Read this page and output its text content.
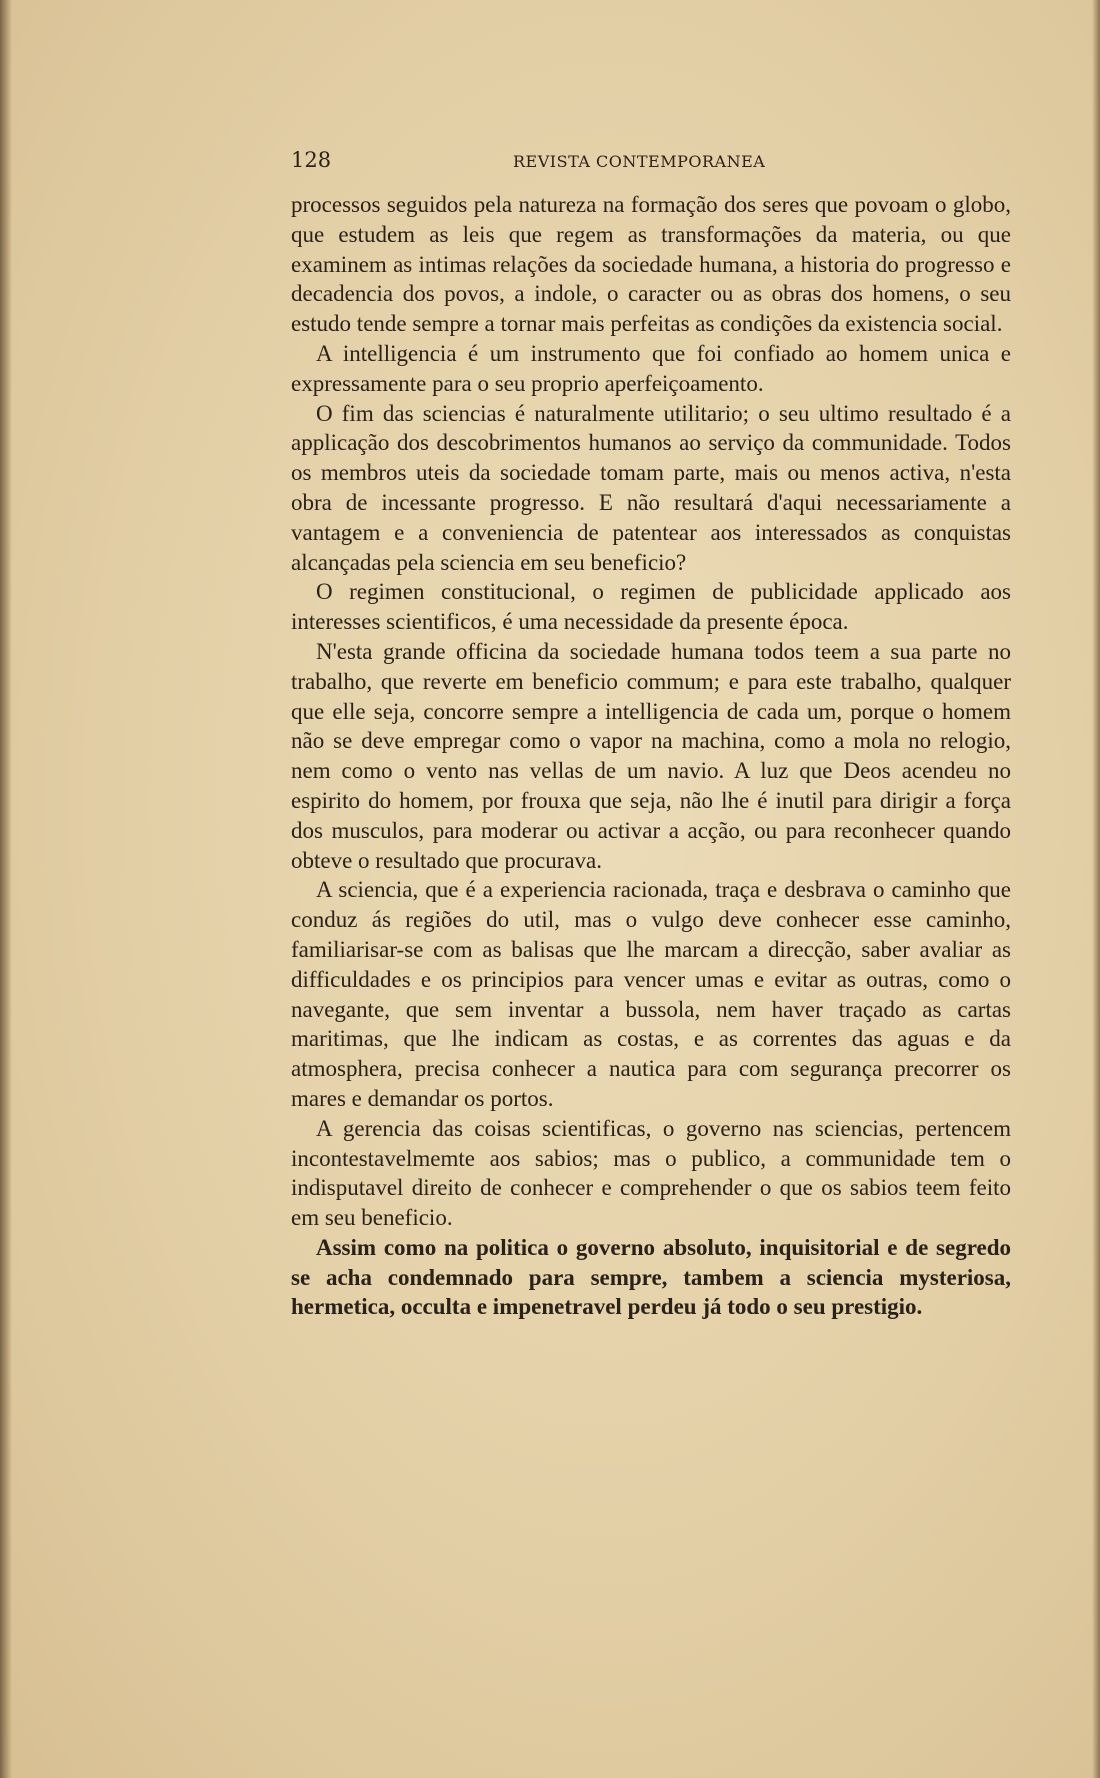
128	REVISTA CONTEMPORANEA

processos seguidos pela natureza na formação dos seres que povoam o globo, que estudem as leis que regem as transformações da materia, ou que examinem as intimas relações da sociedade humana, a historia do progresso e decadencia dos povos, a indole, o caracter ou as obras dos homens, o seu estudo tende sempre a tornar mais perfeitas as condições da existencia social.

A intelligencia é um instrumento que foi confiado ao homem unica e expressamente para o seu proprio aperfeiçoamento.

O fim das sciencias é naturalmente utilitario; o seu ultimo resultado é a applicação dos descobrimentos humanos ao serviço da communidade. Todos os membros uteis da sociedade tomam parte, mais ou menos activa, n'esta obra de incessante progresso. E não resultará d'aqui necessariamente a vantagem e a conveniencia de patentear aos interessados as conquistas alcançadas pela sciencia em seu beneficio?

O regimen constitucional, o regimen de publicidade applicado aos interesses scientificos, é uma necessidade da presente época.

N'esta grande officina da sociedade humana todos teem a sua parte no trabalho, que reverte em beneficio commum; e para este trabalho, qualquer que elle seja, concorre sempre a intelligencia de cada um, porque o homem não se deve empregar como o vapor na machina, como a mola no relogio, nem como o vento nas vellas de um navio. A luz que Deos acendeu no espirito do homem, por frouxa que seja, não lhe é inutil para dirigir a força dos musculos, para moderar ou activar a acção, ou para reconhecer quando obteve o resultado que procurava.

A sciencia, que é a experiencia racionada, traça e desbrava o caminho que conduz ás regiões do util, mas o vulgo deve conhecer esse caminho, familiarisar-se com as balisas que lhe marcam a direcção, saber avaliar as difficuldades e os principios para vencer umas e evitar as outras, como o navegante, que sem inventar a bussola, nem haver traçado as cartas maritimas, que lhe indicam as costas, e as correntes das aguas e da atmosphera, precisa conhecer a nautica para com segurança precorrer os mares e demandar os portos.

A gerencia das coisas scientificas, o governo nas sciencias, pertencem incontestavelmemte aos sabios; mas o publico, a communidade tem o indisputavel direito de conhecer e comprehender o que os sabios teem feito em seu beneficio.

Assim como na politica o governo absoluto, inquisitorial e de segredo se acha condemnado para sempre, tambem a sciencia mysteriosa, hermetica, occulta e impenetravel perdeu já todo o seu prestigio.
